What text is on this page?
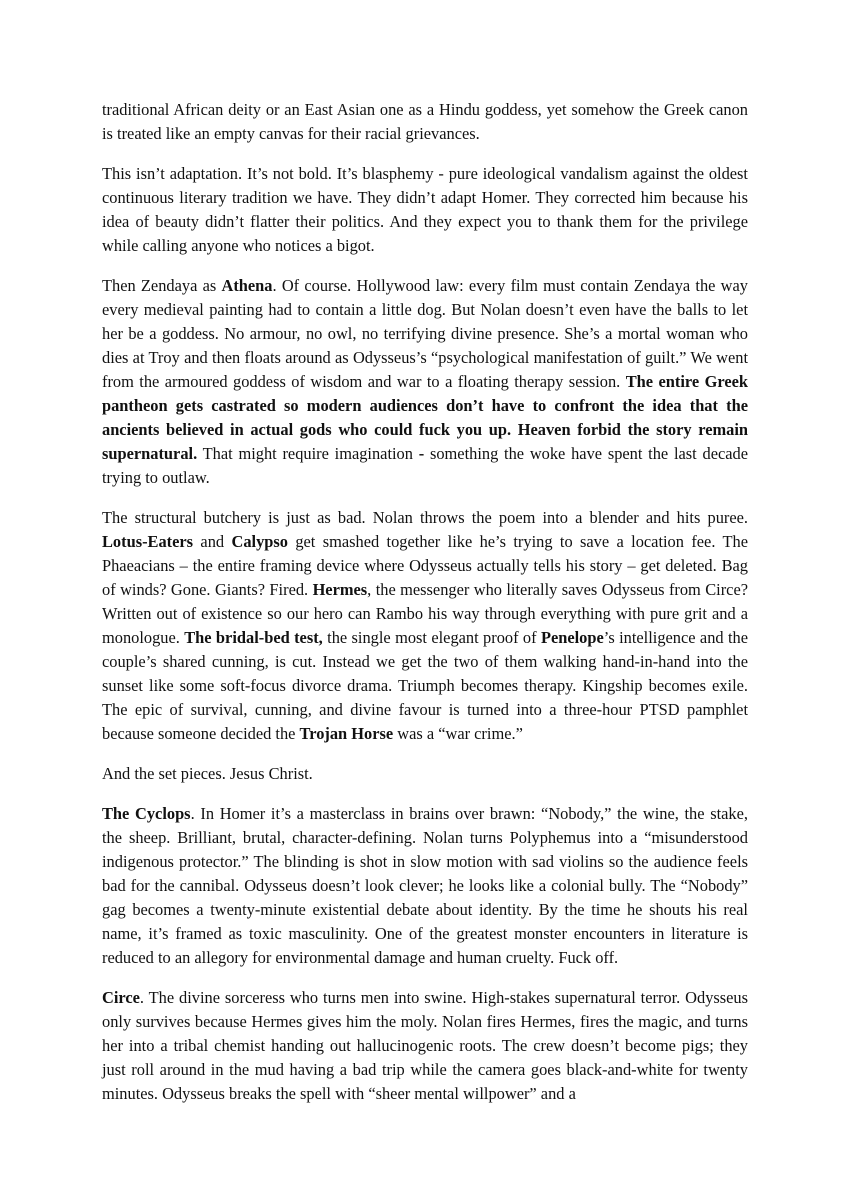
traditional African deity or an East Asian one as a Hindu goddess, yet somehow the Greek canon is treated like an empty canvas for their racial grievances.

This isn’t adaptation. It’s not bold. It’s blasphemy - pure ideological vandalism against the oldest continuous literary tradition we have. They didn’t adapt Homer. They corrected him because his idea of beauty didn’t flatter their politics. And they expect you to thank them for the privilege while calling anyone who notices a bigot.

Then Zendaya as Athena. Of course. Hollywood law: every film must contain Zendaya the way every medieval painting had to contain a little dog. But Nolan doesn’t even have the balls to let her be a goddess. No armour, no owl, no terrifying divine presence. She’s a mortal woman who dies at Troy and then floats around as Odysseus’s “psychological manifestation of guilt.” We went from the armoured goddess of wisdom and war to a floating therapy session. The entire Greek pantheon gets castrated so modern audiences don’t have to confront the idea that the ancients believed in actual gods who could fuck you up. Heaven forbid the story remain supernatural. That might require imagination - something the woke have spent the last decade trying to outlaw.

The structural butchery is just as bad. Nolan throws the poem into a blender and hits puree. Lotus-Eaters and Calypso get smashed together like he’s trying to save a location fee. The Phaeacians – the entire framing device where Odysseus actually tells his story – get deleted. Bag of winds? Gone. Giants? Fired. Hermes, the messenger who literally saves Odysseus from Circe? Written out of existence so our hero can Rambo his way through everything with pure grit and a monologue. The bridal-bed test, the single most elegant proof of Penelope’s intelligence and the couple’s shared cunning, is cut. Instead we get the two of them walking hand-in-hand into the sunset like some soft-focus divorce drama. Triumph becomes therapy. Kingship becomes exile. The epic of survival, cunning, and divine favour is turned into a three-hour PTSD pamphlet because someone decided the Trojan Horse was a “war crime.”

And the set pieces. Jesus Christ.

The Cyclops. In Homer it’s a masterclass in brains over brawn: “Nobody,” the wine, the stake, the sheep. Brilliant, brutal, character-defining. Nolan turns Polyphemus into a “misunderstood indigenous protector.” The blinding is shot in slow motion with sad violins so the audience feels bad for the cannibal. Odysseus doesn’t look clever; he looks like a colonial bully. The “Nobody” gag becomes a twenty-minute existential debate about identity. By the time he shouts his real name, it’s framed as toxic masculinity. One of the greatest monster encounters in literature is reduced to an allegory for environmental damage and human cruelty. Fuck off.

Circe. The divine sorceress who turns men into swine. High-stakes supernatural terror. Odysseus only survives because Hermes gives him the moly. Nolan fires Hermes, fires the magic, and turns her into a tribal chemist handing out hallucinogenic roots. The crew doesn’t become pigs; they just roll around in the mud having a bad trip while the camera goes black-and-white for twenty minutes. Odysseus breaks the spell with “sheer mental willpower” and a
